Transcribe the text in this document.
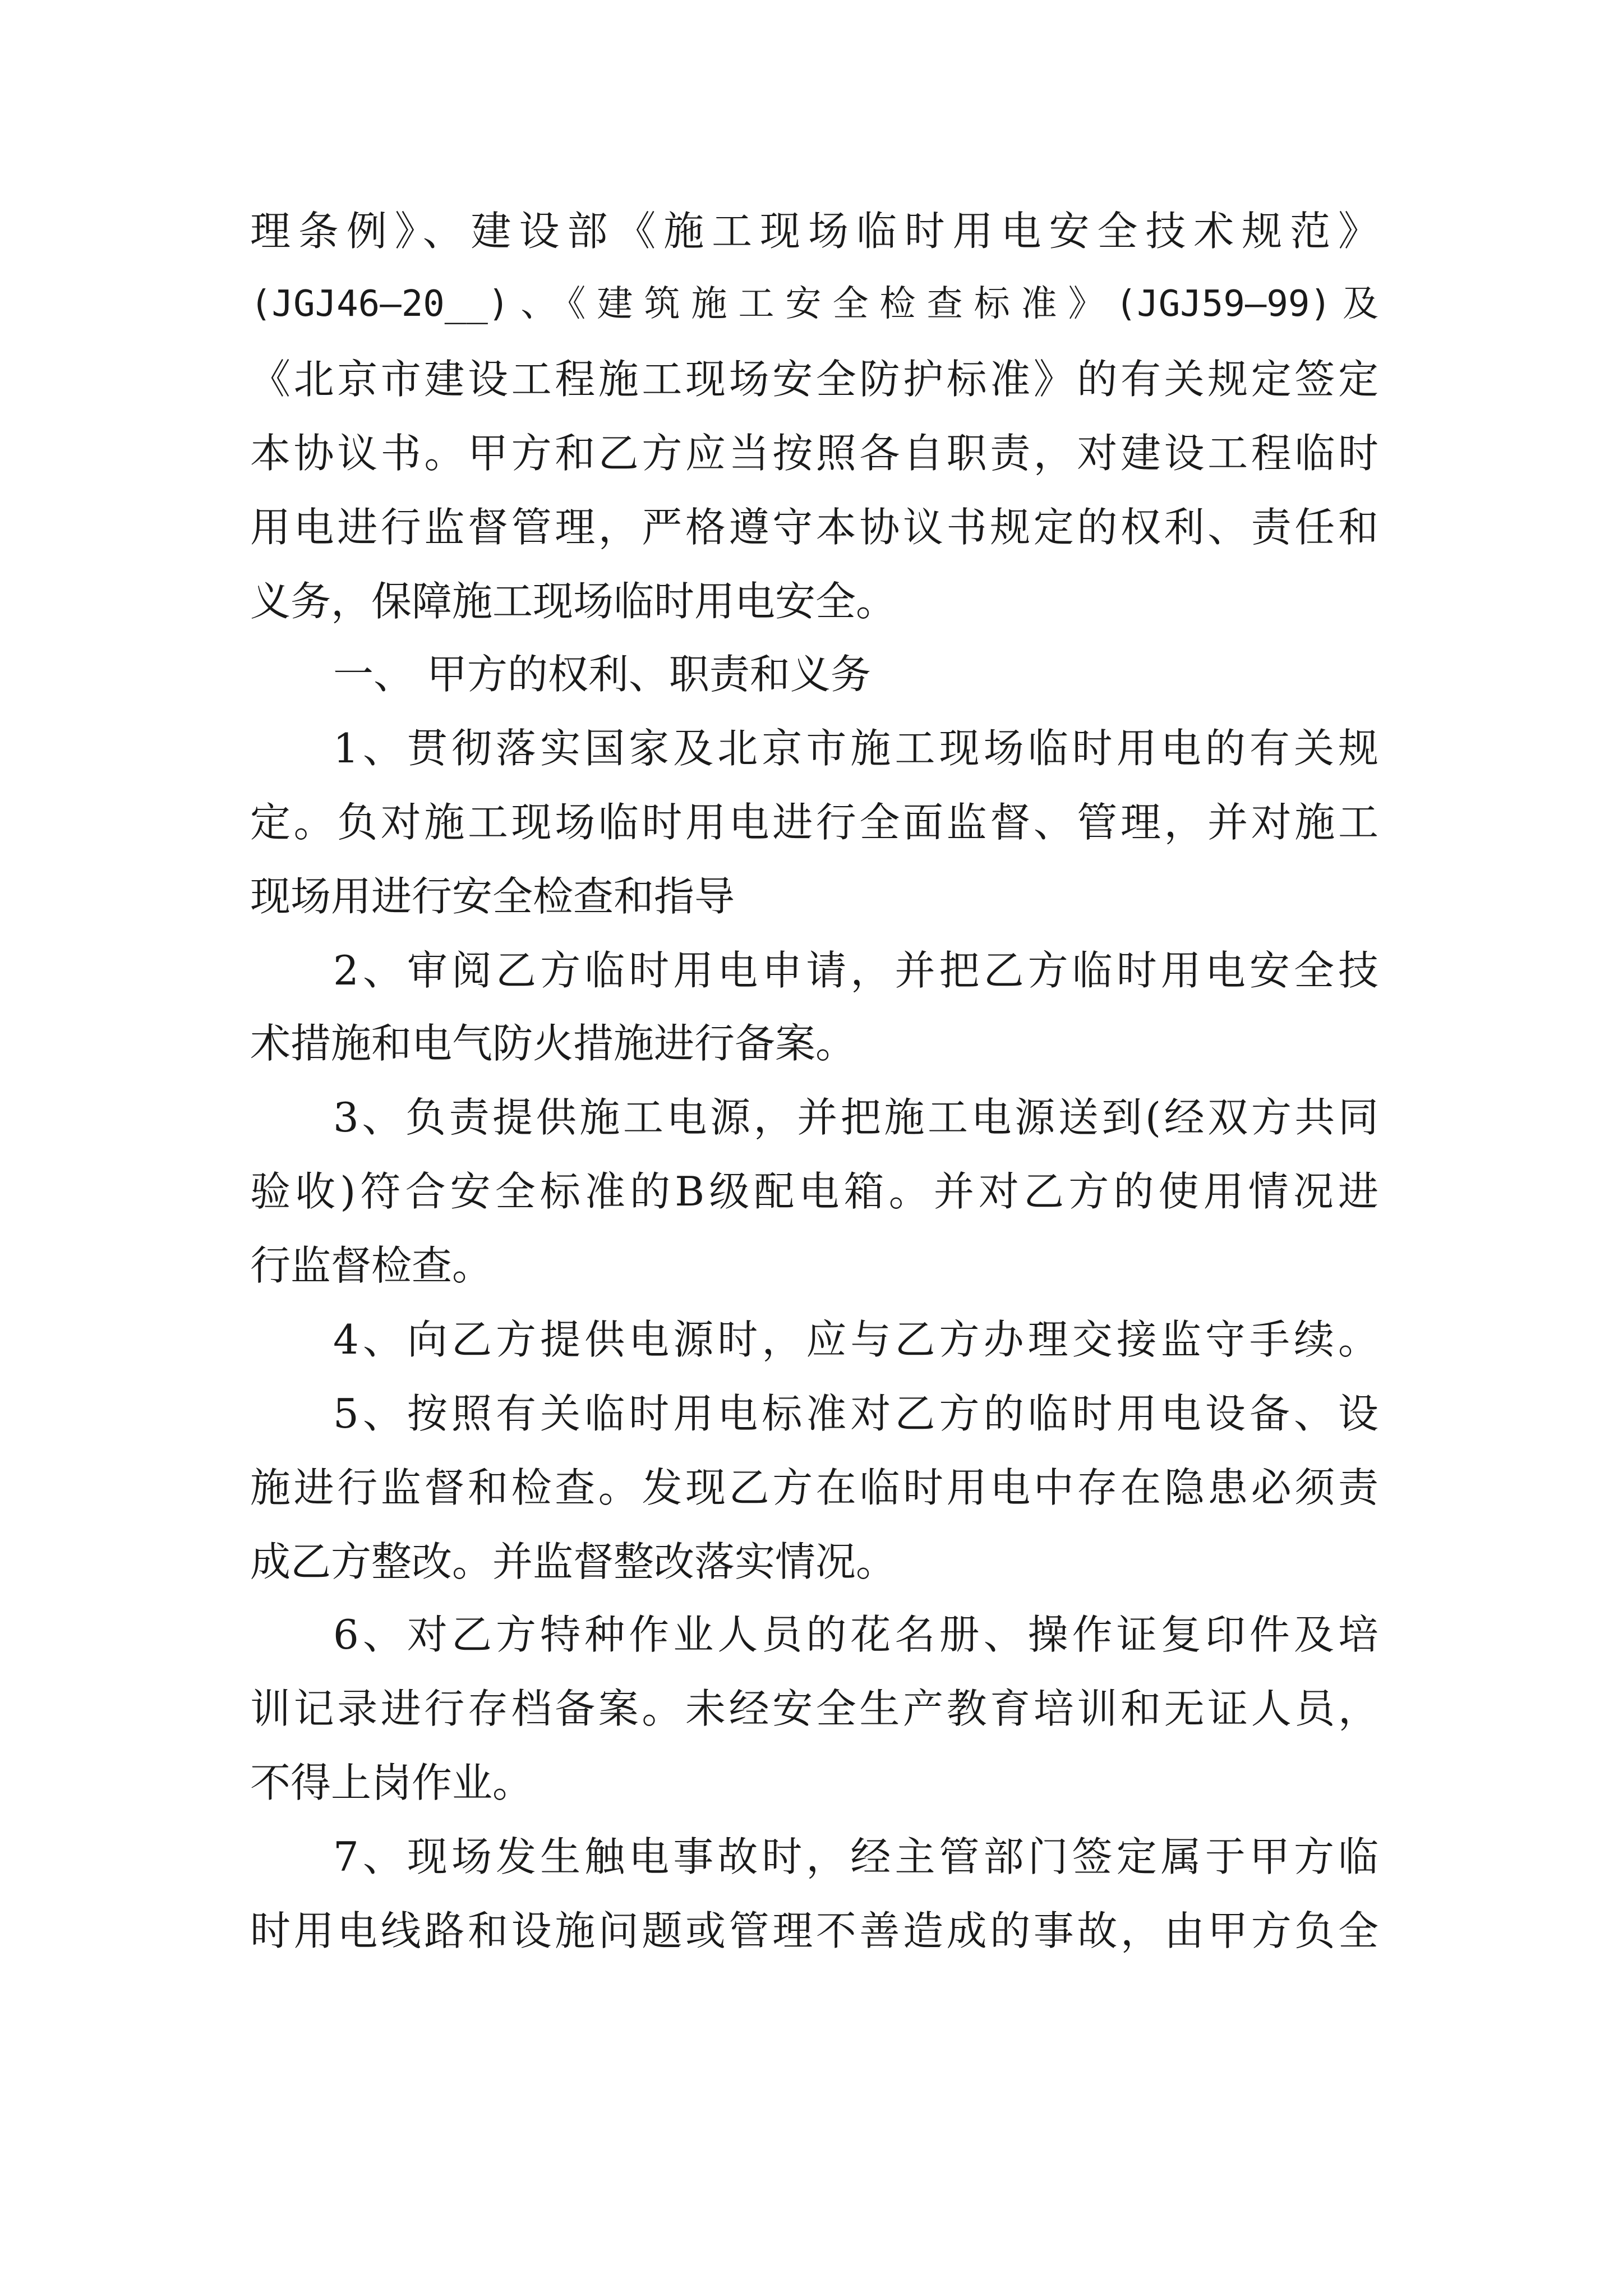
理条例》、建设部《施工现场临时用电安全技术规范》
(JGJ46—20__)、《建筑施工安全检查标准》(JGJ59—99)及
《北京市建设工程施工现场安全防护标准》的有关规定签定
本协议书。甲方和乙方应当按照各自职责，对建设工程临时
用电进行监督管理，严格遵守本协议书规定的权利、责任和
义务，保障施工现场临时用电安全。
一、 甲方的权利、职责和义务
1、贯彻落实国家及北京市施工现场临时用电的有关规
定。负对施工现场临时用电进行全面监督、管理，并对施工
现场用进行安全检查和指导
2、审阅乙方临时用电申请，并把乙方临时用电安全技
术措施和电气防火措施进行备案。
3、负责提供施工电源，并把施工电源送到(经双方共同
验收)符合安全标准的B级配电箱。并对乙方的使用情况进
行监督检查。
4、向乙方提供电源时，应与乙方办理交接监守手续。
5、按照有关临时用电标准对乙方的临时用电设备、设
施进行监督和检查。发现乙方在临时用电中存在隐患必须责
成乙方整改。并监督整改落实情况。
6、对乙方特种作业人员的花名册、操作证复印件及培
训记录进行存档备案。未经安全生产教育培训和无证人员，
不得上岗作业。
7、现场发生触电事故时，经主管部门签定属于甲方临
时用电线路和设施问题或管理不善造成的事故，由甲方负全
